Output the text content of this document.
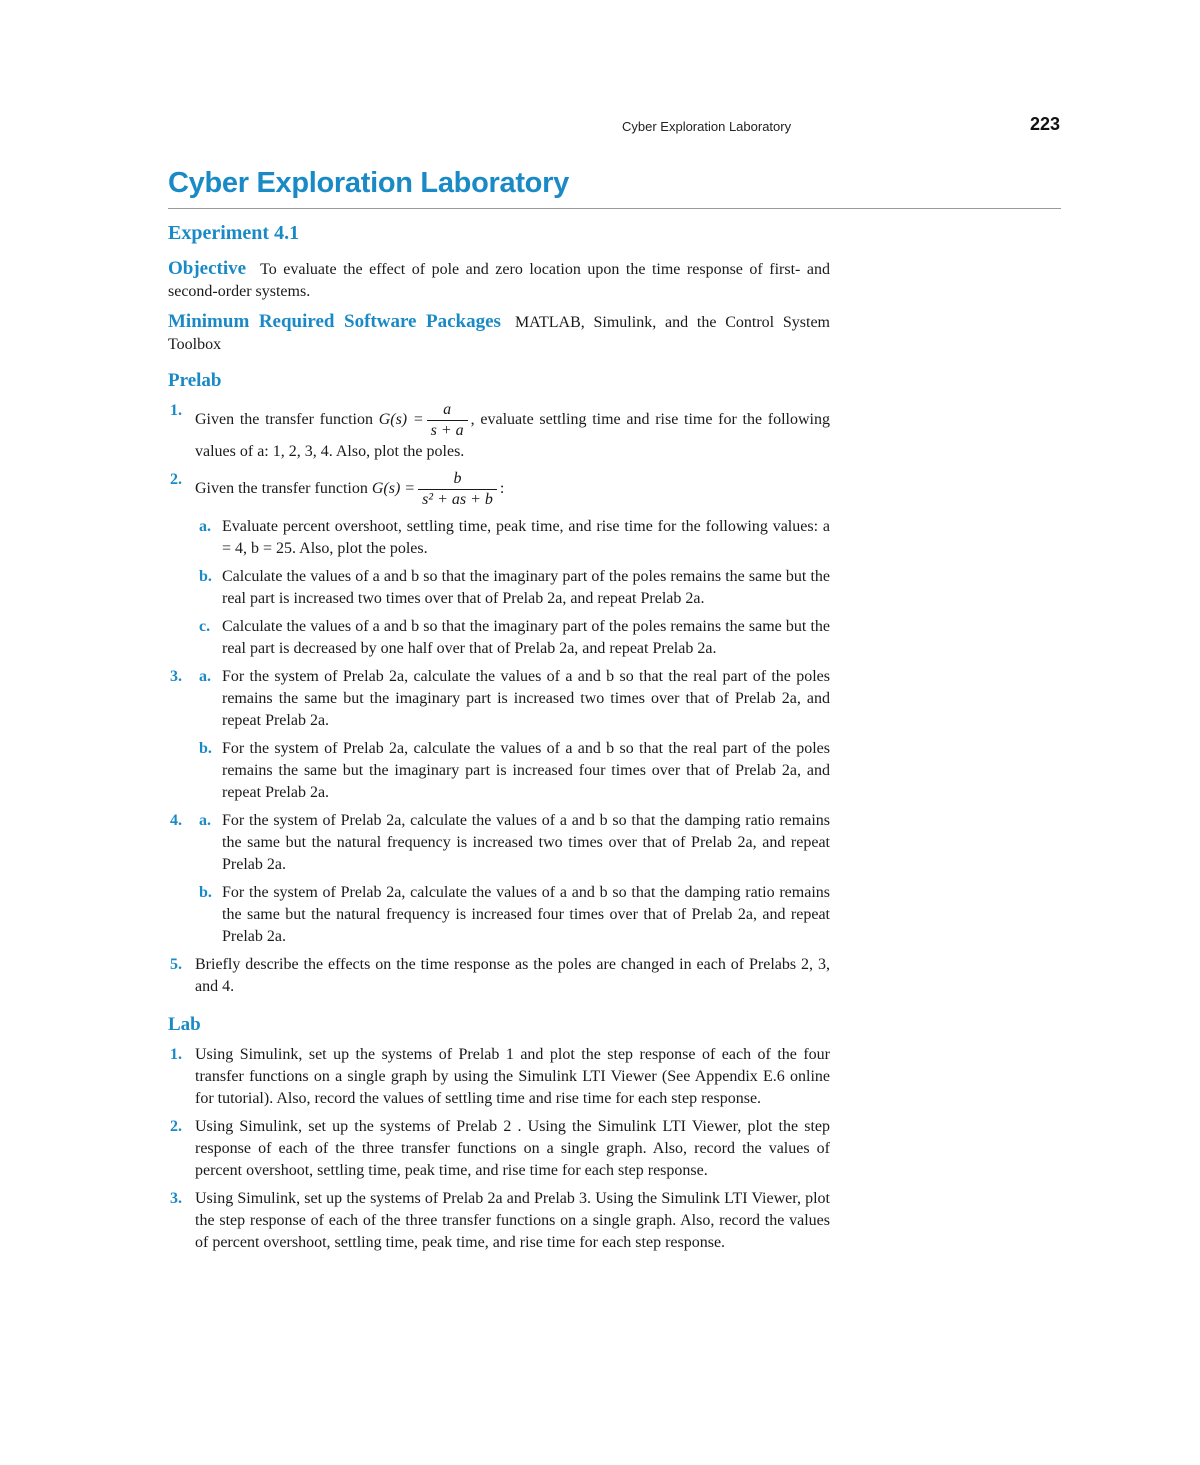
Cyber Exploration Laboratory	223
Cyber Exploration Laboratory
Experiment 4.1

Objective To evaluate the effect of pole and zero location upon the time response of first- and second-order systems.

Minimum Required Software Packages MATLAB, Simulink, and the Control System Toolbox

Prelab
1.
Given the transfer function $G(s) = \frac{a}{s + a}$ , evaluate settling time and rise time for the following values of a: 1, 2, 3, 4. Also, plot the poles.
2.
Given the transfer function $G(s) = \frac{b}{\text{s² + as + b}}$ :
a. Evaluate percent overshoot, settling time, peak time, and rise time for the following values: a = 4, b = 25. Also, plot the poles.
b. Calculate the values of a and b so that the imaginary part of the poles remains the same but the real part is increased two times over that of Prelab 2a, and repeat Prelab 2a.
c. Calculate the values of a and b so that the imaginary part of the poles remains the same but the real part is decreased by one half over that of Prelab 2a, and repeat Prelab 2a.
3. a. For the system of Prelab 2a, calculate the values of a and b so that the real part of the poles remains the same but the imaginary part is increased two times over that of Prelab 2a, and repeat Prelab 2a.
b. For the system of Prelab 2a, calculate the values of a and b so that the real part of the poles remains the same but the imaginary part is increased four times over that of Prelab 2a, and repeat Prelab 2a.
4. a. For the system of Prelab 2a, calculate the values of a and b so that the damping ratio remains the same but the natural frequency is increased two times over that of Prelab 2a, and repeat Prelab 2a.
b. For the system of Prelab 2a, calculate the values of a and b so that the damping ratio remains the same but the natural frequency is increased four times over that of Prelab 2a, and repeat Prelab 2a.
5. Briefly describe the effects on the time response as the poles are changed in each of Prelabs 2, 3, and 4.
Lab
1. Using Simulink, set up the systems of Prelab 1 and plot the step response of each of the four transfer functions on a single graph by using the Simulink LTI Viewer (See Appendix E.6 online for tutorial). Also, record the values of settling time and rise time for each step response.
2. Using Simulink, set up the systems of Prelab 2 . Using the Simulink LTI Viewer, plot the step response of each of the three transfer functions on a single graph. Also, record the values of percent overshoot, settling time, peak time, and rise time for each step response.
3. Using Simulink, set up the systems of Prelab 2a and Prelab 3. Using the Simulink LTI Viewer, plot the step response of each of the three transfer functions on a single graph. Also, record the values of percent overshoot, settling time, peak time, and rise time for each step response.
